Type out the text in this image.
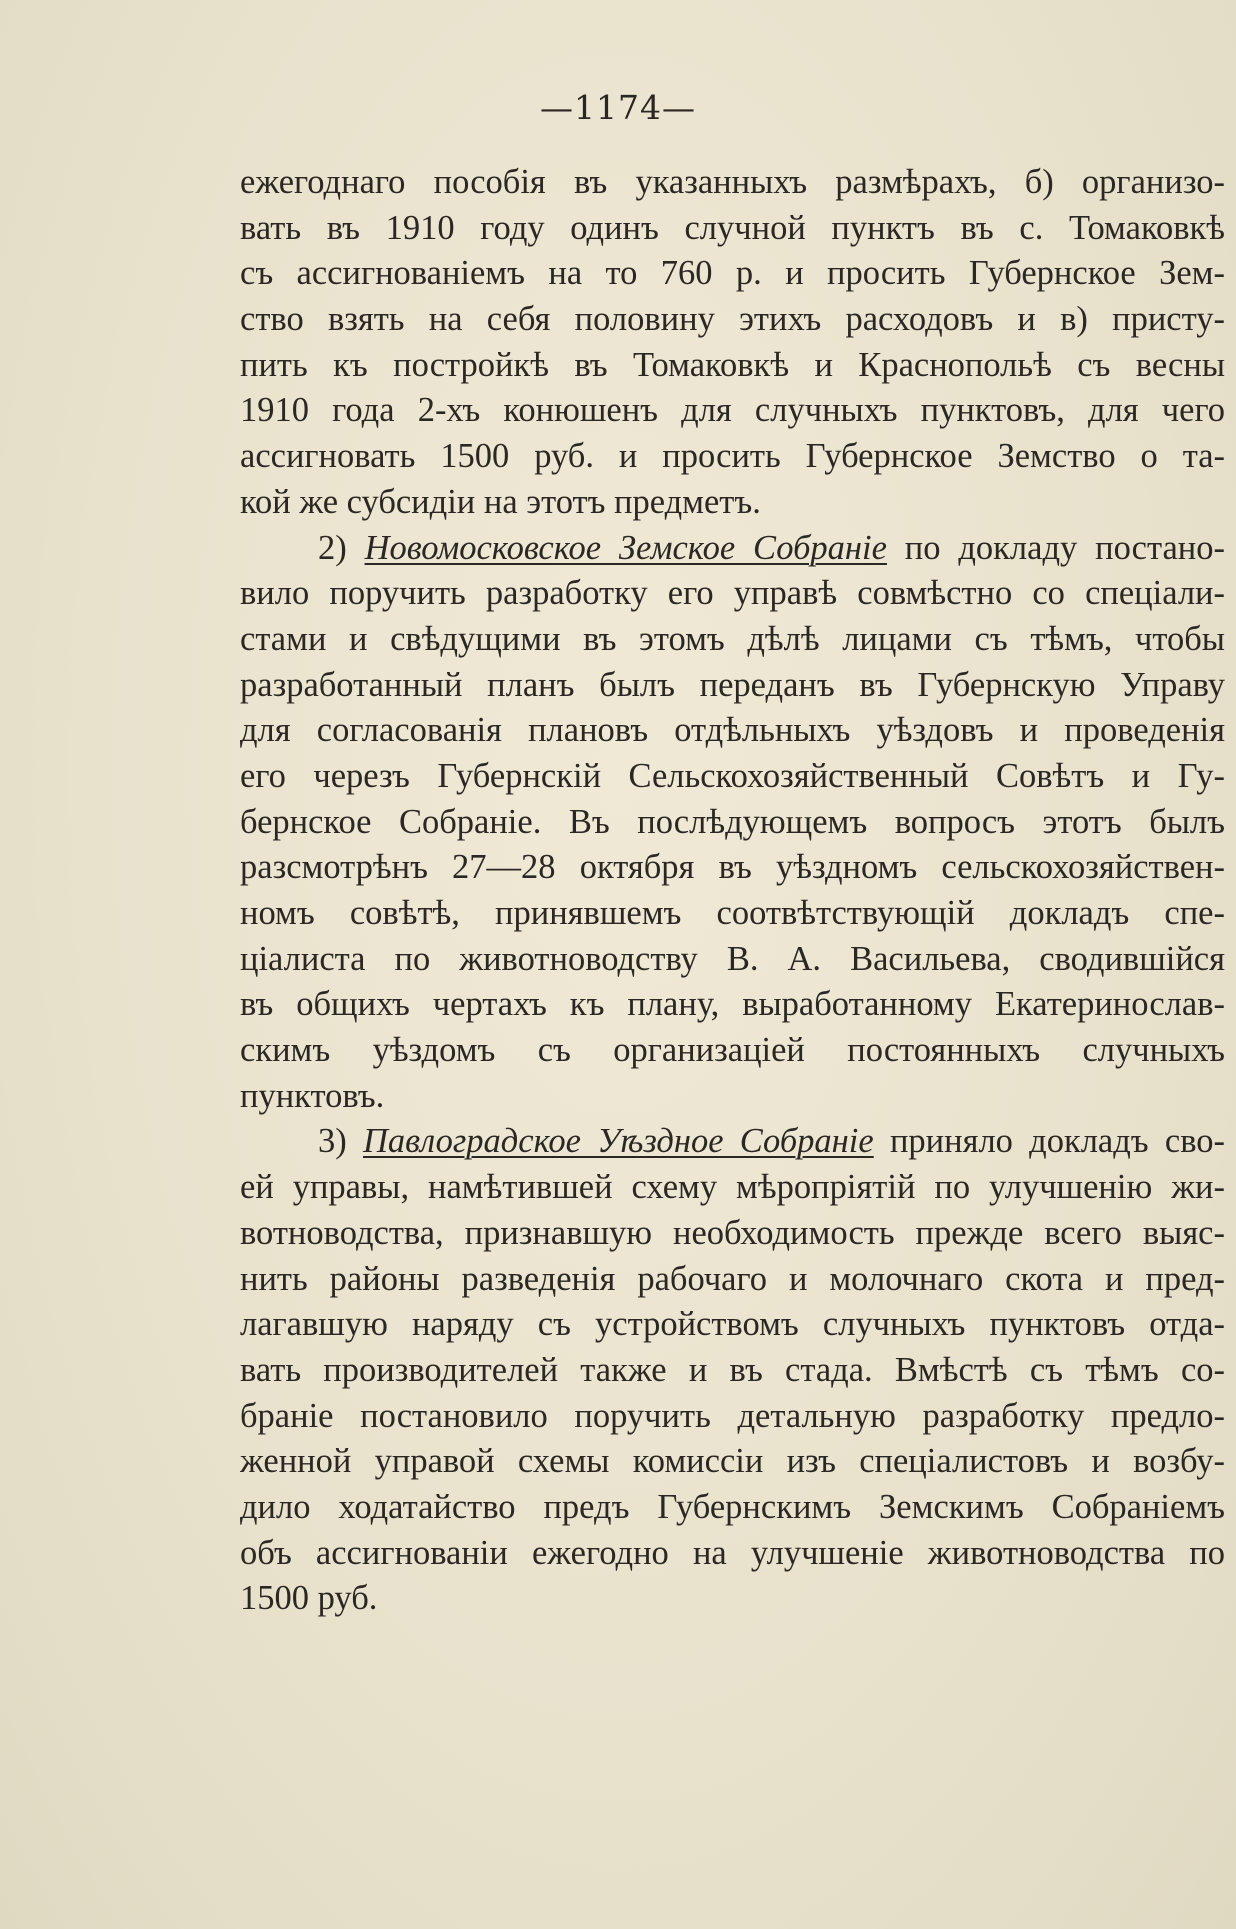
—1174—
ежегоднаго пособія въ указанныхъ размѣрахъ, б) организо-
вать въ 1910 году одинъ случной пунктъ въ с. Томаковкѣ
съ ассигнованіемъ на то 760 р. и просить Губернское Зем-
ство взять на себя половину этихъ расходовъ и в) присту-
пить къ постройкѣ въ Томаковкѣ и Краснопольѣ съ весны
1910 года 2-хъ конюшенъ для случныхъ пунктовъ, для чего
ассигновать 1500 руб. и просить Губернское Земство о та-
кой же субсидіи на этотъ предметъ.
2) Новомосковское Земское Собраніе по докладу постано-
вило поручить разработку его управѣ совмѣстно со спеціали-
стами и свѣдущими въ этомъ дѣлѣ лицами съ тѣмъ, чтобы
разработанный планъ былъ переданъ въ Губернскую Управу
для согласованія плановъ отдѣльныхъ уѣздовъ и проведенія
его черезъ Губернскій Сельскохозяйственный Совѣтъ и Гу-
бернское Собраніе. Въ послѣдующемъ вопросъ этотъ былъ
разсмотрѣнъ 27—28 октября въ уѣздномъ сельскохозяйствен-
номъ совѣтѣ, принявшемъ соотвѣтствующій докладъ спе-
ціалиста по животноводству В. А. Васильева, сводившійся
въ общихъ чертахъ къ плану, выработанному Екатеринослав-
скимъ уѣздомъ съ организаціей постоянныхъ случныхъ
пунктовъ.
3) Павлоградское Уѣздное Собраніе приняло докладъ сво-
ей управы, намѣтившей схему мѣропріятій по улучшенію жи-
вотноводства, признавшую необходимость прежде всего выяс-
нить районы разведенія рабочаго и молочнаго скота и пред-
лагавшую наряду съ устройствомъ случныхъ пунктовъ отда-
вать производителей также и въ стада. Вмѣстѣ съ тѣмъ со-
браніе постановило поручить детальную разработку предло-
женной управой схемы комиссіи изъ спеціалистовъ и возбу-
дило ходатайство предъ Губернскимъ Земскимъ Собраніемъ
объ ассигнованіи ежегодно на улучшеніе животноводства по
1500 руб.
